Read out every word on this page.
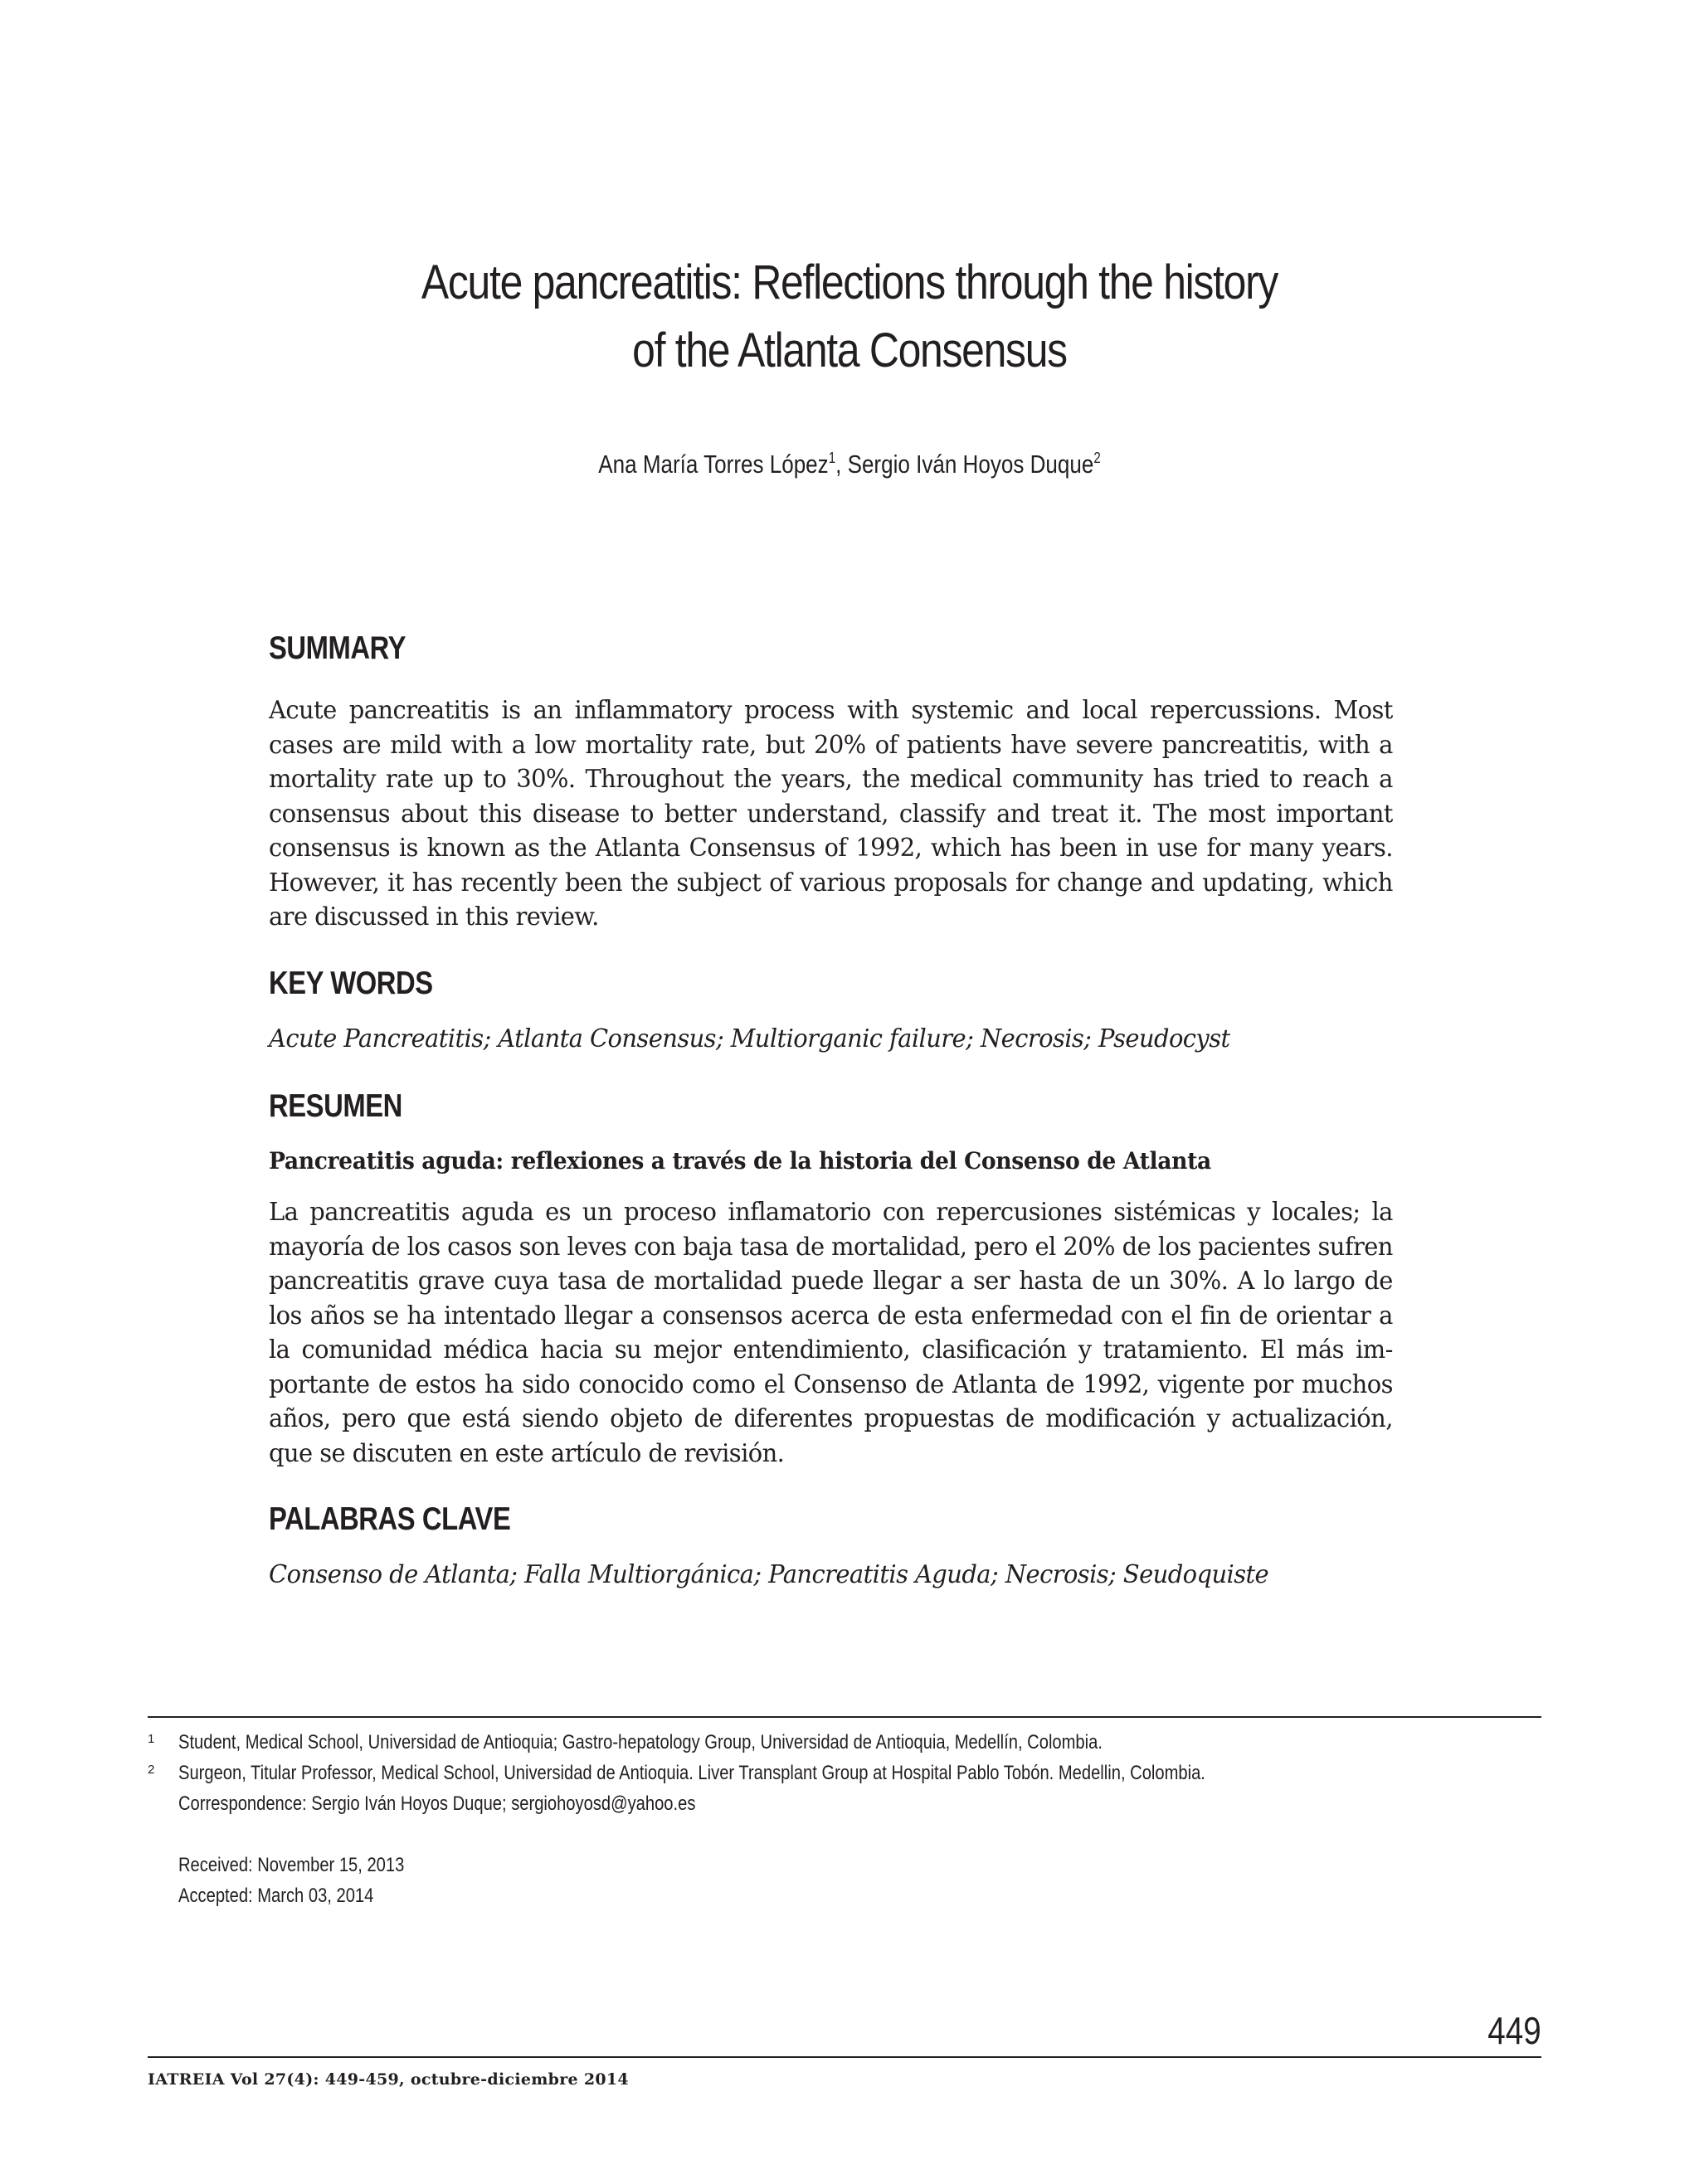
Acute pancreatitis: Reflections through the history
of the Atlanta Consensus
Ana María Torres López$^1$, Sergio Iván Hoyos Duque$^2$
SUMMARY

Acute pancreatitis is an inflammatory process with systemic and local repercussions. Most cases are mild with a low mortality rate, but 20% of patients have severe pancreatitis, with a mortality rate up to 30%. Throughout the years, the medical community has tried to reach a consensus about this disease to better understand, classify and treat it. The most important consensus is known as the Atlanta Consensus of 1992, which has been in use for many years. However, it has recently been the subject of various proposals for change and updating, which are discussed in this review.

KEY WORDS

Acute Pancreatitis; Atlanta Consensus; Multiorganic failure; Necrosis; Pseudocyst

RESUMEN

Pancreatitis aguda: reflexiones a través de la historia del Consenso de Atlanta

La pancreatitis aguda es un proceso inflamatorio con repercusiones sistémicas y locales; la mayoría de los casos son leves con baja tasa de mortalidad, pero el 20% de los pacientes sufren pancreatitis grave cuya tasa de mortalidad puede llegar a ser hasta de un 30%. A lo largo de los años se ha intentado llegar a consensos acerca de esta enfermedad con el fin de orientar a la comunidad médica hacia su mejor entendimiento, clasificación y tratamiento. El más im-portante de estos ha sido conocido como el Consenso de Atlanta de 1992, vigente por muchos años, pero que está siendo objeto de diferentes propuestas de modificación y actualización, que se discuten en este artículo de revisión.

PALABRAS CLAVE

Consenso de Atlanta; Falla Multiorgánica; Pancreatitis Aguda; Necrosis; Seudoquiste

1 Student, Medical School, Universidad de Antioquia; Gastro-hepatology Group, Universidad de Antioquia, Medellín, Colombia.
2 Surgeon, Titular Professor, Medical School, Universidad de Antioquia. Liver Transplant Group at Hospital Pablo Tobón. Medellin, Colombia.
Correspondence: Sergio Iván Hoyos Duque; sergiohoyosd@yahoo.es
Received: November 15, 2013
Accepted: March 03, 2014
449
IATREIA Vol 27(4): 449-459, octubre-diciembre 2014
